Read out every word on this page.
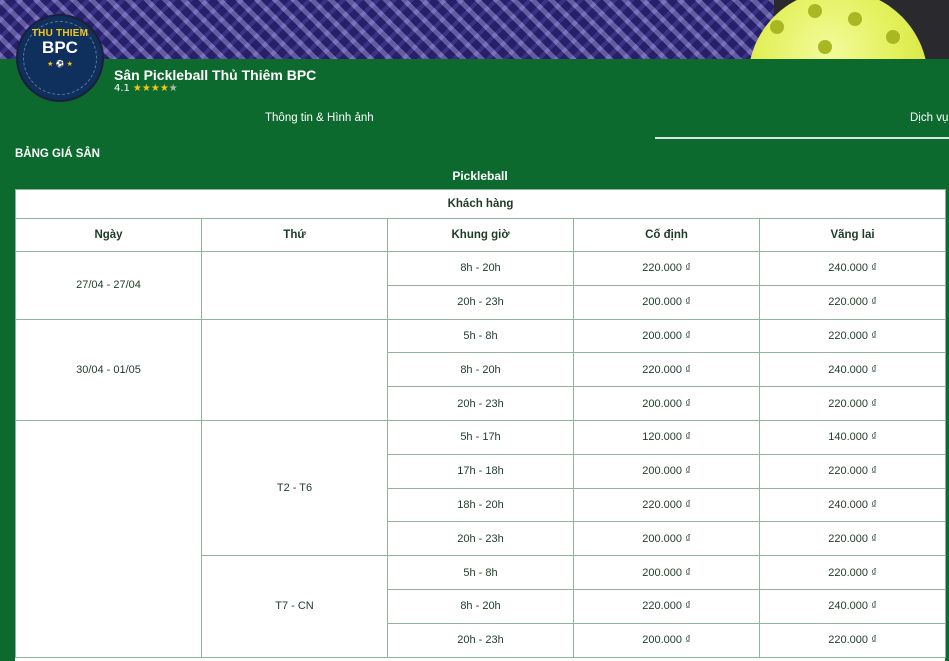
THU THIEM
BPC
★ ⚽ ★
Sân Pickleball Thủ Thiêm BPC
4.1 ★★★★★
Thông tin & Hình ảnh	Dịch vụ
BẢNG GIÁ SÂN
Pickleball
Khách hàng				
Ngày	Thứ	Khung giờ	Cố định	Vãng lai
27/04 - 27/04		8h - 20h	220.000 ₫	240.000 ₫
		20h - 23h	200.000 ₫	220.000 ₫
30/04 - 01/05		5h - 8h	200.000 ₫	220.000 ₫
		8h - 20h	220.000 ₫	240.000 ₫
		20h - 23h	200.000 ₫	220.000 ₫
	T2 - T6	5h - 17h	120.000 ₫	140.000 ₫
		17h - 18h	200.000 ₫	220.000 ₫
		18h - 20h	220.000 ₫	240.000 ₫
		20h - 23h	200.000 ₫	220.000 ₫
	T7 - CN	5h - 8h	200.000 ₫	220.000 ₫
		8h - 20h	220.000 ₫	240.000 ₫
		20h - 23h	200.000 ₫	220.000 ₫
